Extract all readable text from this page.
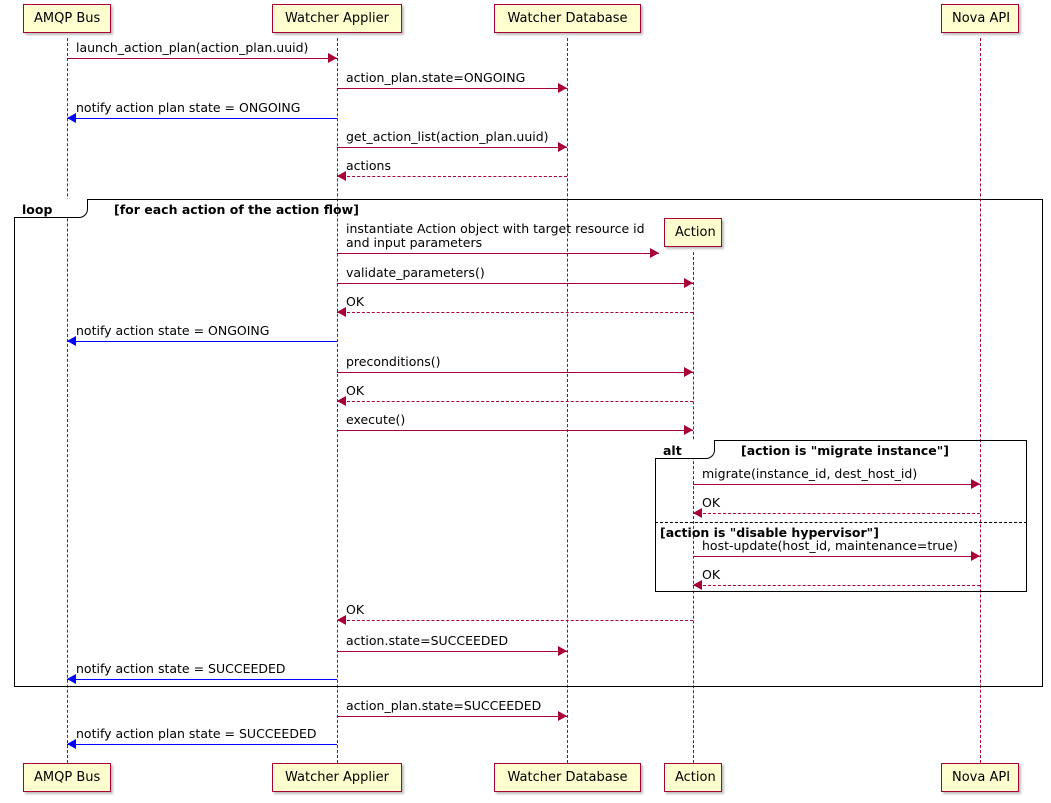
loop	[for each action of the action flow]
alt	[action is "migrate instance"]
[action is "disable hypervisor"]
launch_action_plan(action_plan.uuid)
action_plan.state=ONGOING
notify action plan state = ONGOING
get_action_list(action_plan.uuid)
actions
instantiate Action object with target resource id
and input parameters
validate_parameters()
OK
notify action state = ONGOING
preconditions()
OK
execute()
migrate(instance_id, dest_host_id)
OK
host-update(host_id, maintenance=true)
OK
OK
action.state=SUCCEEDED
notify action state = SUCCEEDED
action_plan.state=SUCCEEDED
notify action plan state = SUCCEEDED
AMQP Bus
AMQP Bus
Watcher Applier
Watcher Applier
Watcher Database
Watcher Database
Action
Action
Nova API
Nova API
